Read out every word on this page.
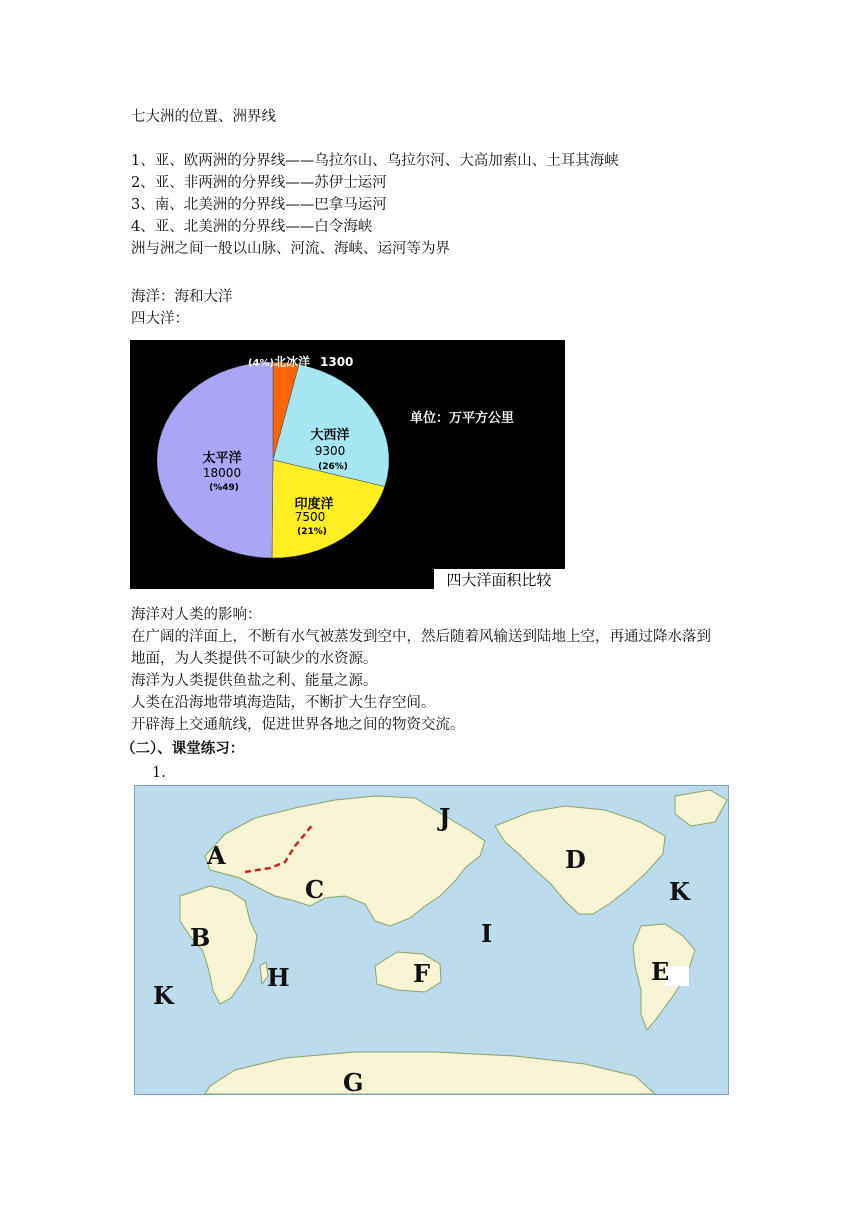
七大洲的位置、洲界线
1、亚、欧两洲的分界线——乌拉尔山、乌拉尔河、大高加索山、土耳其海峡
2、亚、非两洲的分界线——苏伊士运河
3、南、北美洲的分界线——巴拿马运河
4、亚、北美洲的分界线——白令海峡
洲与洲之间一般以山脉、河流、海峡、运河等为界
海洋：海和大洋
四大洋：
(4%) 北冰洋 1300
大西洋
9300
(26%)
印度洋
7500
(21%)
太平洋
18000
(%49)
单位：万平方公里
四大洋面积比较
海洋对人类的影响：
在广阔的洋面上，不断有水气被蒸发到空中，然后随着风输送到陆地上空，再通过降水落到
地面，为人类提供不可缺少的水资源。
海洋为人类提供鱼盐之利、能量之源。
人类在沿海地带填海造陆，不断扩大生存空间。
开辟海上交通航线，促进世界各地之间的物资交流。
（二）、课堂练习：
1.
A
B
C
D
E
F
G
H
I
J
K
K
